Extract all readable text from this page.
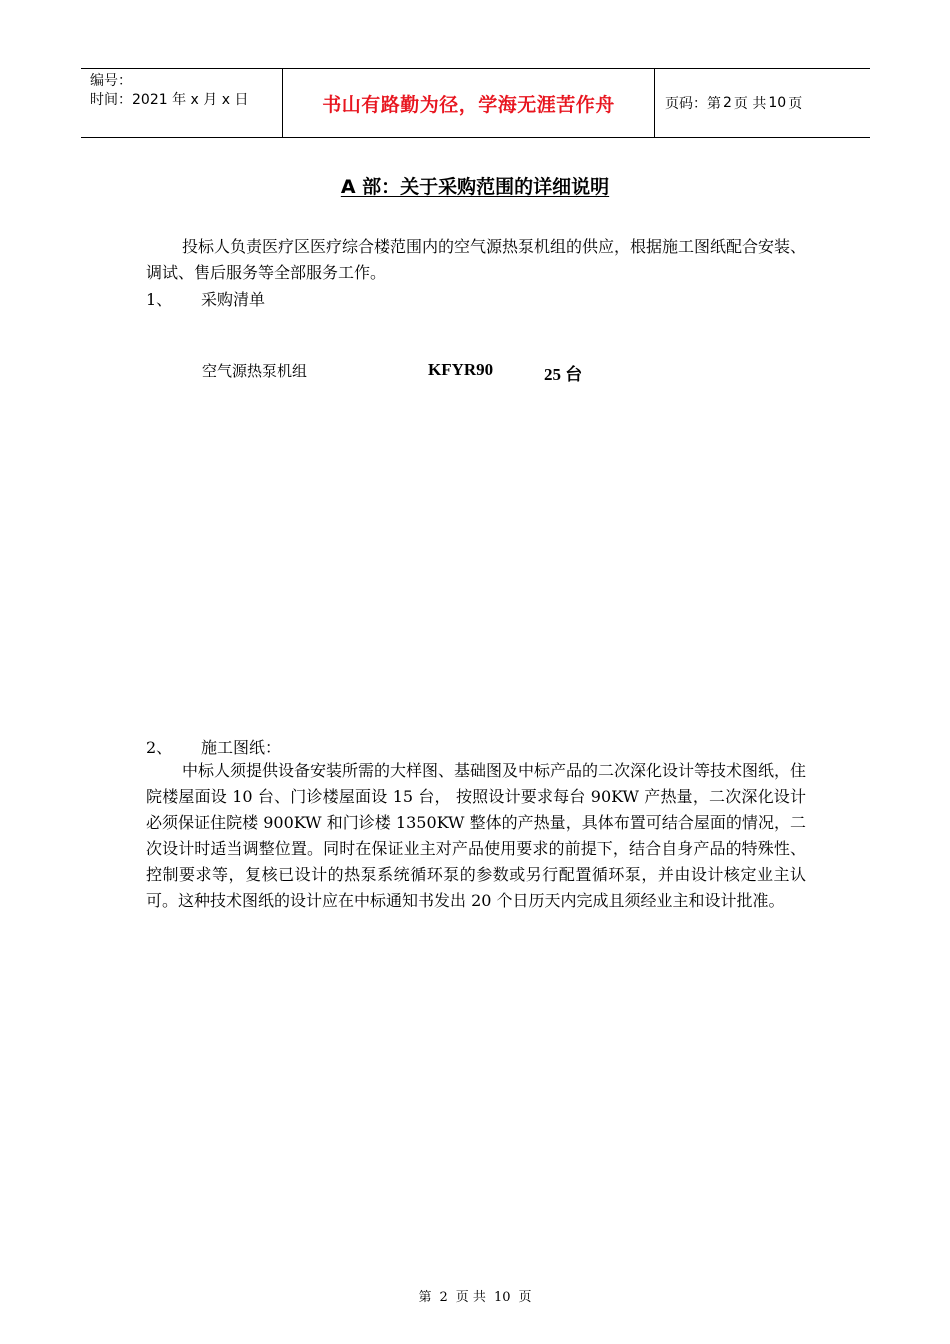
编号：
时间：2021 年 x 月 x 日	书山有路勤为径，学海无涯苦作舟	页码：第 2 页 共 10 页
A 部：关于采购范围的详细说明
投标人负责医疗区医疗综合楼范围内的空气源热泵机组的供应，根据施工图纸配合安装、调试、售后服务等全部服务工作。
1、	采购清单
空气源热泵机组	KFYR90	25 台
2、	施工图纸：
中标人须提供设备安装所需的大样图、基础图及中标产品的二次深化设计等技术图纸，住院楼屋面设 10 台、门诊楼屋面设 15 台， 按照设计要求每台 90KW 产热量，二次深化设计必须保证住院楼 900KW 和门诊楼 1350KW 整体的产热量，具体布置可结合屋面的情况，二次设计时适当调整位置。同时在保证业主对产品使用要求的前提下，结合自身产品的特殊性、控制要求等，复核已设计的热泵系统循环泵的参数或另行配置循环泵，并由设计核定业主认可。这种技术图纸的设计应在中标通知书发出 20 个日历天内完成且须经业主和设计批准。
第 2 页 共 10 页
